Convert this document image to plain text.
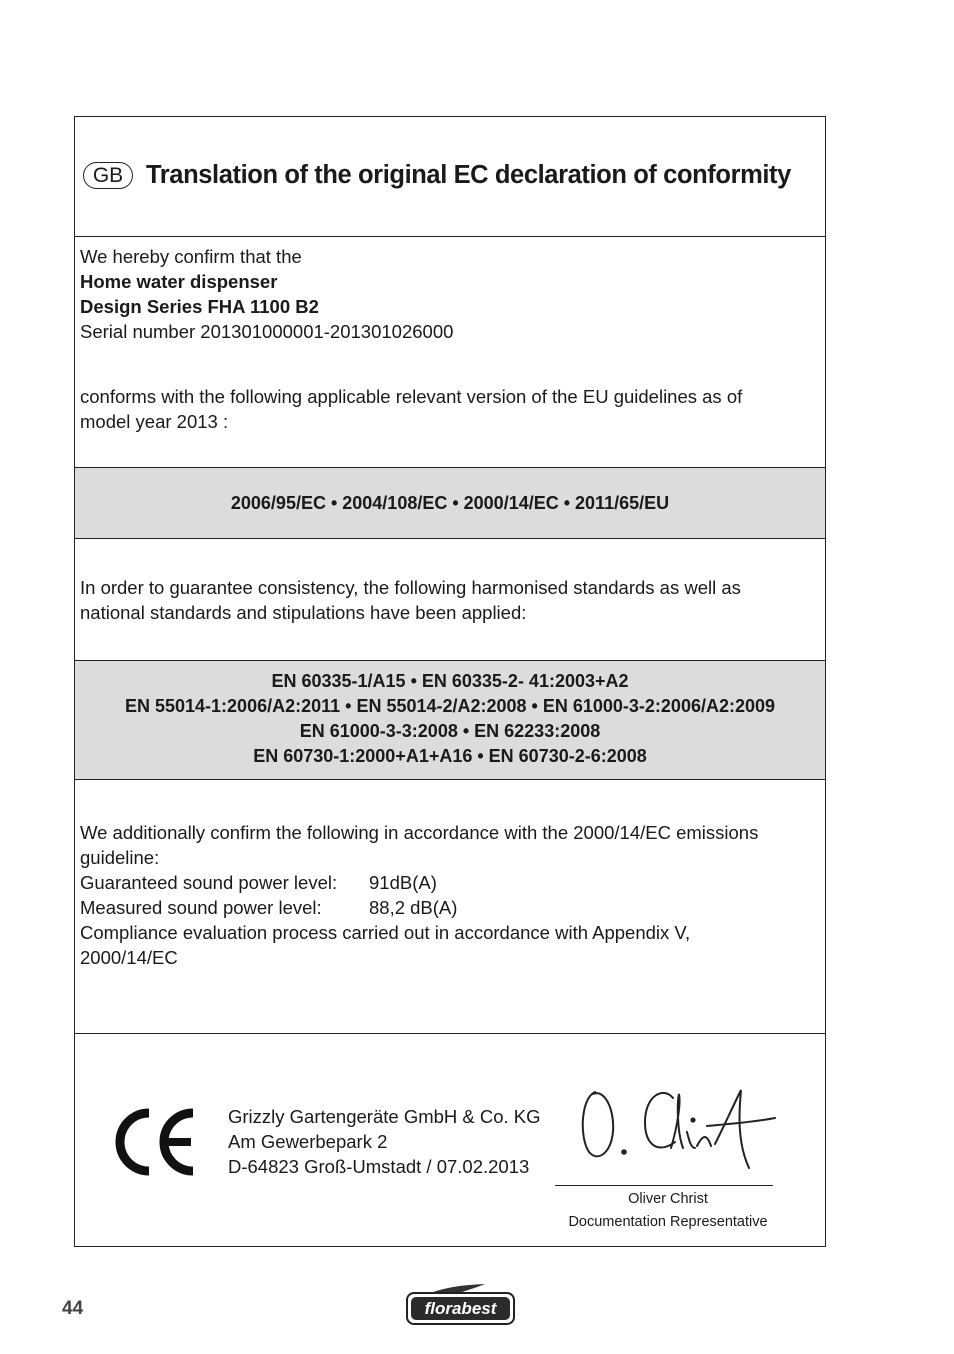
GB Translation of the original EC declaration of conformity
We hereby confirm that the
Home water dispenser
Design Series FHA 1100 B2
Serial number 201301000001-201301026000
conforms with the following applicable relevant version of the EU guidelines as of
model year 2013 :
2006/95/EC • 2004/108/EC • 2000/14/EC • 2011/65/EU
In order to guarantee consistency, the following harmonised standards as well as
national standards and stipulations have been applied:
EN 60335-1/A15 • EN 60335-2- 41:2003+A2
EN 55014-1:2006/A2:2011 • EN 55014-2/A2:2008 • EN 61000-3-2:2006/A2:2009
EN 61000-3-3:2008 • EN 62233:2008
EN 60730-1:2000+A1+A16 • EN 60730-2-6:2008
We additionally confirm the following in accordance with the 2000/14/EC emissions
guideline:
Guaranteed sound power level: 91dB(A)
Measured sound power level:	88,2 dB(A)
Compliance evaluation process carried out in accordance with Appendix V,
2000/14/EC
Grizzly Gartengeräte GmbH & Co. KG
Am Gewerbepark 2
D-64823 Groß-Umstadt / 07.02.2013
Oliver Christ
Documentation Representative
44	florabest
